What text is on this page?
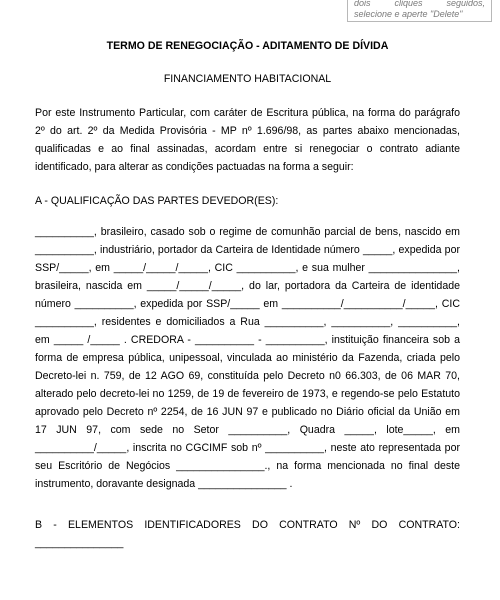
dois cliques seguidos,
selecione e aperte "Delete"

TERMO DE RENEGOCIAÇÃO - ADITAMENTO DE DÍVIDA

FINANCIAMENTO HABITACIONAL

Por este Instrumento Particular, com caráter de Escritura pública, na forma do parágrafo 2º do art. 2º da Medida Provisória - MP nº 1.696/98, as partes abaixo mencionadas, qualificadas e ao final assinadas, acordam entre si renegociar o contrato adiante identificado, para alterar as condições pactuadas na forma a seguir:

A - QUALIFICAÇÃO DAS PARTES DEVEDOR(ES):

__________, brasileiro, casado sob o regime de comunhão parcial de bens, nascido em __________, industriário, portador da Carteira de Identidade número _____, expedida por SSP/_____, em _____/_____/_____, CIC __________, e sua mulher _______________, brasileira, nascida em _____/_____/_____, do lar, portadora da Carteira de identidade número __________, expedida por SSP/_____ em __________/__________/_____, CIC __________, residentes e domiciliados a Rua __________, __________, __________, em _____ /_____ . CREDORA - __________ - __________, instituição financeira sob a forma de empresa pública, unipessoal, vinculada ao ministério da Fazenda, criada pelo Decreto-lei n. 759, de 12 AGO 69, constituída pelo Decreto n0 66.303, de 06 MAR 70, alterado pelo decreto-lei no 1259, de 19 de fevereiro de 1973, e regendo-se pelo Estatuto aprovado pelo Decreto nº 2254, de 16 JUN 97 e publicado no Diário oficial da União em 17 JUN 97, com sede no Setor __________, Quadra _____, lote_____, em __________/_____, inscrita no CGCIMF sob nº __________, neste ato representada por seu Escritório de Negócios _______________., na forma mencionada no final deste instrumento, doravante designada _______________ .

B - ELEMENTOS IDENTIFICADORES DO CONTRATO Nº DO CONTRATO:

_______________
